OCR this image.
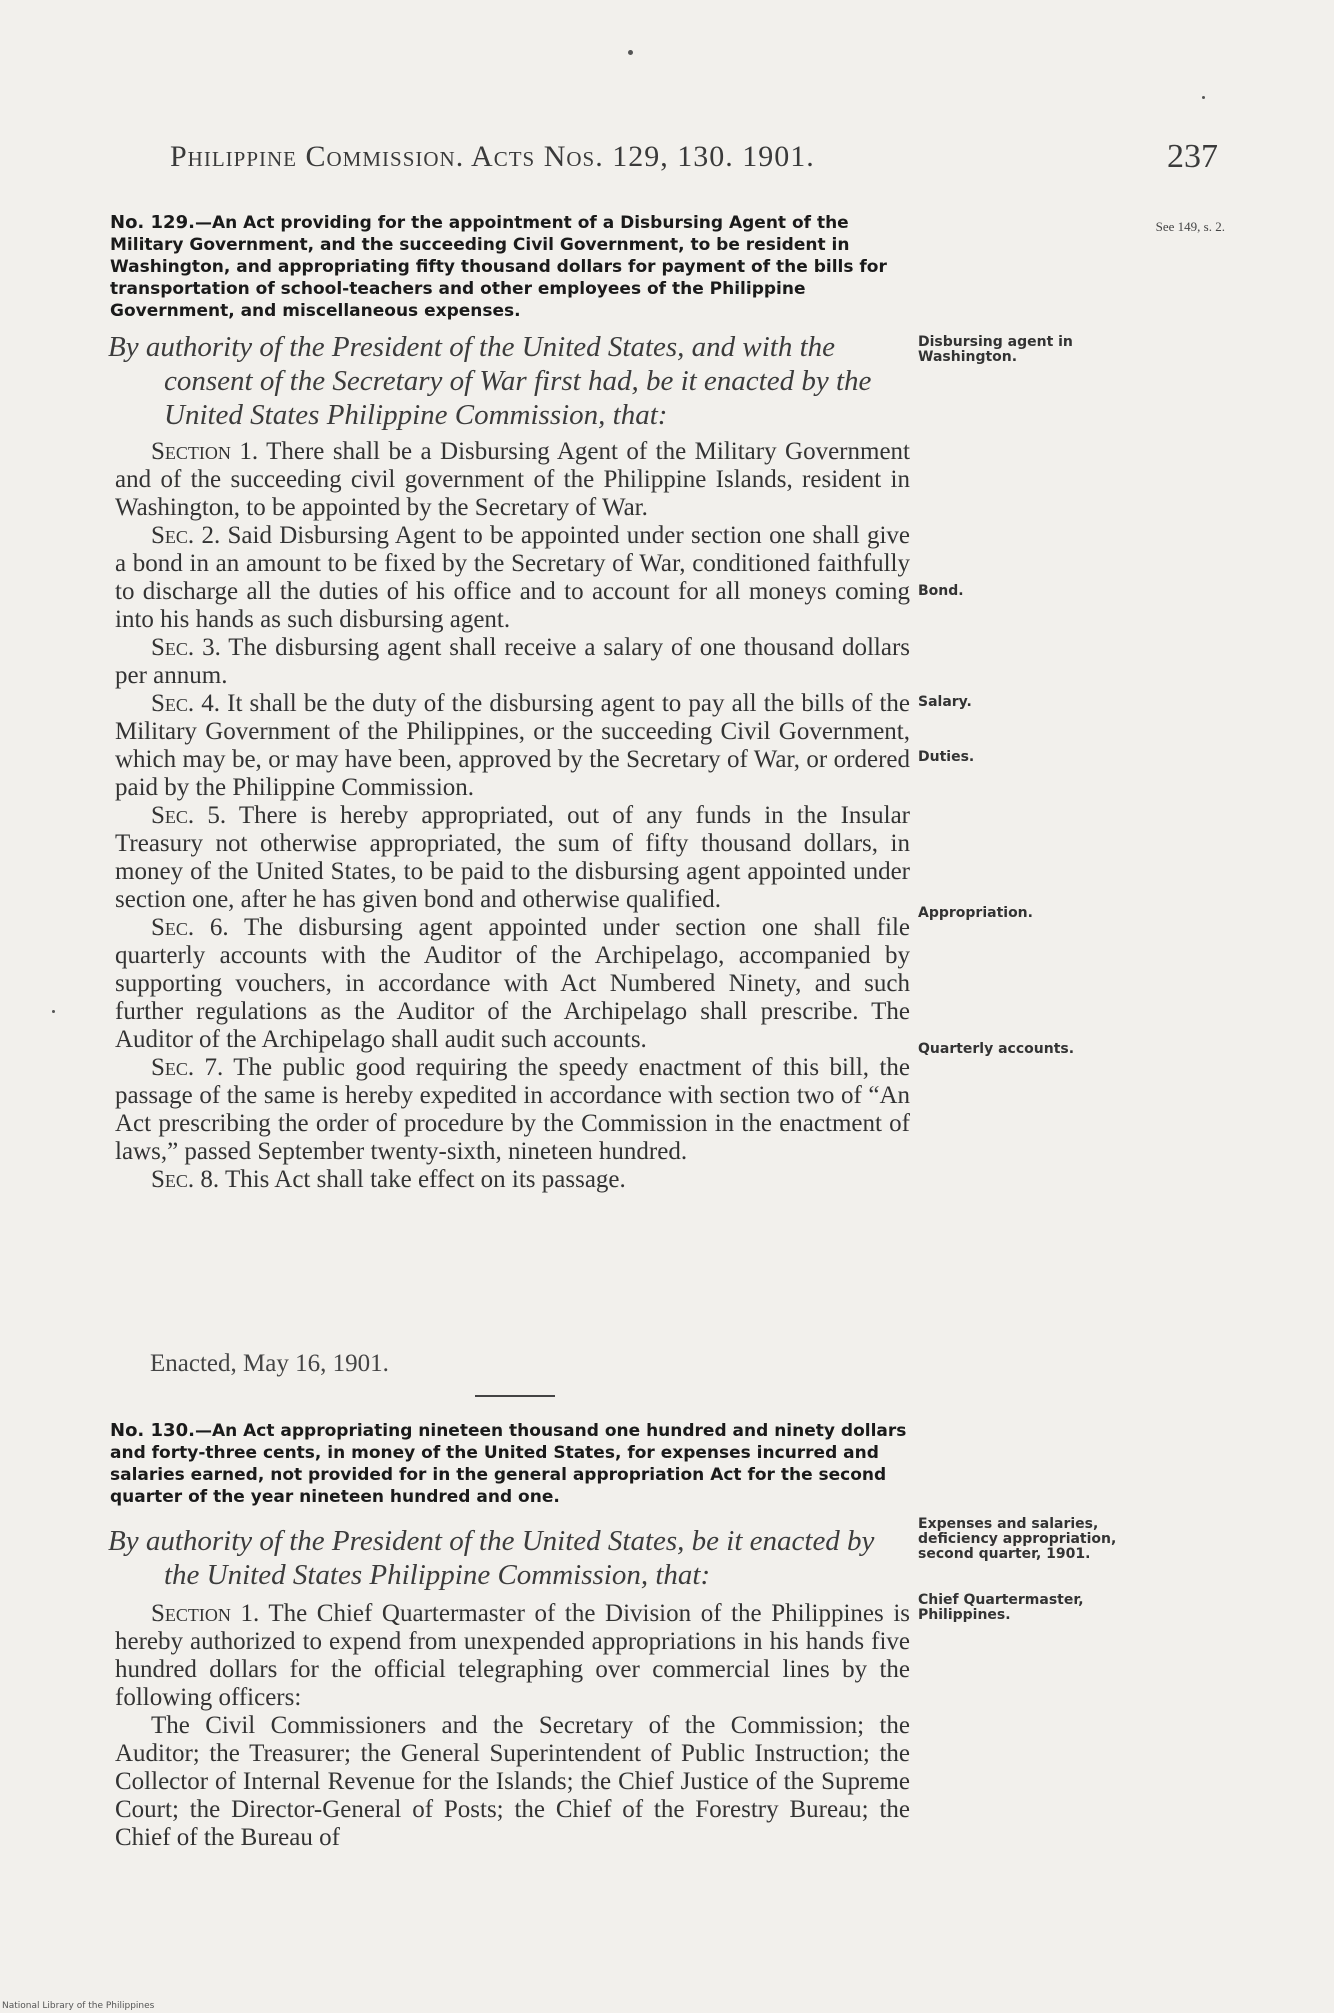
Philippine Commission. Acts Nos. 129, 130. 1901.	237
No. 129.—An Act providing for the appointment of a Disbursing Agent of the Military Government, and the succeeding Civil Government, to be resident in Washington, and appropriating fifty thousand dollars for payment of the bills for transportation of school-teachers and other employees of the Philippine Government, and miscellaneous expenses.
By authority of the President of the United States, and with the
consent of the Secretary of War first had, be it enacted by the
United States Philippine Commission, that:

Section 1. There shall be a Disbursing Agent of the Military Government and of the succeeding civil government of the Philippine Islands, resident in Washington, to be appointed by the Secretary of War.

Sec. 2. Said Disbursing Agent to be appointed under section one shall give a bond in an amount to be fixed by the Secretary of War, conditioned faithfully to discharge all the duties of his office and to account for all moneys coming into his hands as such disbursing agent.

Sec. 3. The disbursing agent shall receive a salary of one thousand dollars per annum.

Sec. 4. It shall be the duty of the disbursing agent to pay all the bills of the Military Government of the Philippines, or the succeeding Civil Government, which may be, or may have been, approved by the Secretary of War, or ordered paid by the Philippine Commission.

Sec. 5. There is hereby appropriated, out of any funds in the Insular Treasury not otherwise appropriated, the sum of fifty thousand dollars, in money of the United States, to be paid to the disbursing agent appointed under section one, after he has given bond and otherwise qualified.

Sec. 6. The disbursing agent appointed under section one shall file quarterly accounts with the Auditor of the Archipelago, accompanied by supporting vouchers, in accordance with Act Numbered Ninety, and such further regulations as the Auditor of the Archipelago shall prescribe. The Auditor of the Archipelago shall audit such accounts.

Sec. 7. The public good requiring the speedy enactment of this bill, the passage of the same is hereby expedited in accordance with section two of “An Act prescribing the order of procedure by the Commission in the enactment of laws,” passed September twenty-sixth, nineteen hundred.

Sec. 8. This Act shall take effect on its passage.

Enacted, May 16, 1901.
No. 130.—An Act appropriating nineteen thousand one hundred and ninety dollars and forty-three cents, in money of the United States, for expenses incurred and salaries earned, not provided for in the general appropriation Act for the second quarter of the year nineteen hundred and one.
By authority of the President of the United States, be it enacted by
the United States Philippine Commission, that:

Section 1. The Chief Quartermaster of the Division of the Philippines is hereby authorized to expend from unexpended appropriations in his hands five hundred dollars for the official telegraphing over commercial lines by the following officers:

The Civil Commissioners and the Secretary of the Commission; the Auditor; the Treasurer; the General Superintendent of Public Instruction; the Collector of Internal Revenue for the Islands; the Chief Justice of the Supreme Court; the Director-General of Posts; the Chief of the Forestry Bureau; the Chief of the Bureau of

See 149, s. 2.
Disbursing agent in Washington.
Bond.
Salary.
Duties.
Appropriation.
Quarterly accounts.
Expenses and salaries, deficiency appropriation, second quarter, 1901.
Chief Quartermaster, Philippines.
National Library of the Philippines
